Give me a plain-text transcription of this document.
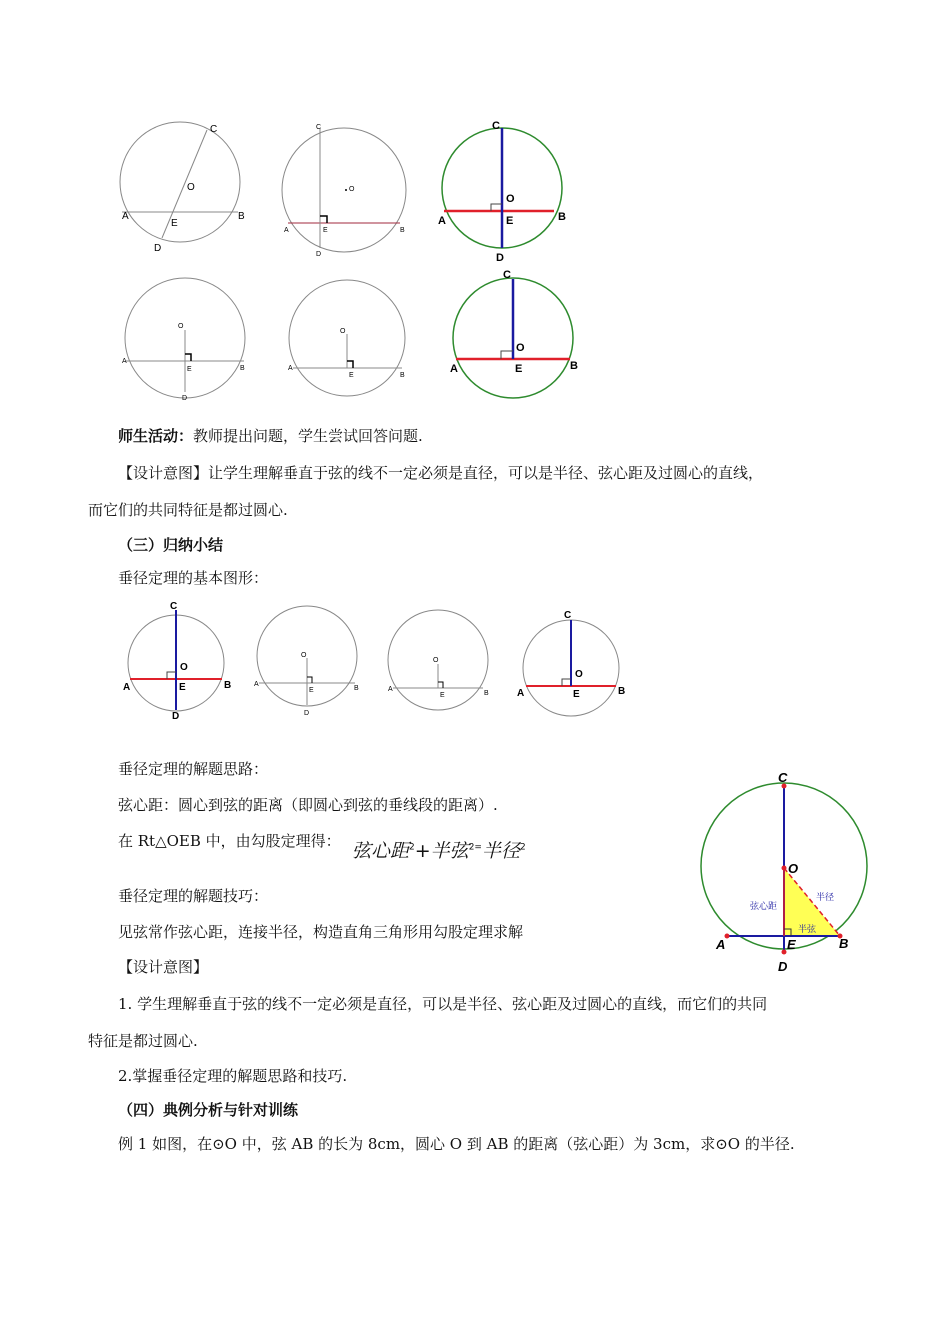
C
O
A
E
B
D
C
O
A	E	B
D
C
O
A	E	B
D
O
A
E	B
D
O
A
E	B
C
O
A	E	B
师生活动：教师提出问题，学生尝试回答问题.
【设计意图】让学生理解垂直于弦的线不一定必须是直径，可以是半径、弦心距及过圆心的直线，
而它们的共同特征是都过圆心.
（三）归纳小结
垂径定理的基本图形：
C
O
A	E	B
D
O
A
E	B
D
O
A
E	B
C
O
A	E	B
垂径定理的解题思路：
弦心距：圆心到弦的距离（即圆心到弦的垂线段的距离）.
在 Rt△OEB 中，由勾股定理得： 弦心距$^2$+半弦$^{2=}$半径$^2$
垂径定理的解题技巧：
见弦常作弦心距，连接半径，构造直角三角形用勾股定理求解
【设计意图】
1. 学生理解垂直于弦的线不一定必须是直径，可以是半径、弦心距及过圆心的直线，而它们的共同
特征是都过圆心.
2.掌握垂径定理的解题思路和技巧.
（四）典例分析与针对训练
例 1 如图，在⊙O 中，弦 AB 的长为 8cm，圆心 O 到 AB 的距离（弦心距）为 3cm，求⊙O 的半径.
C
O
A	E	B
D
半径
弦心距
半弦
